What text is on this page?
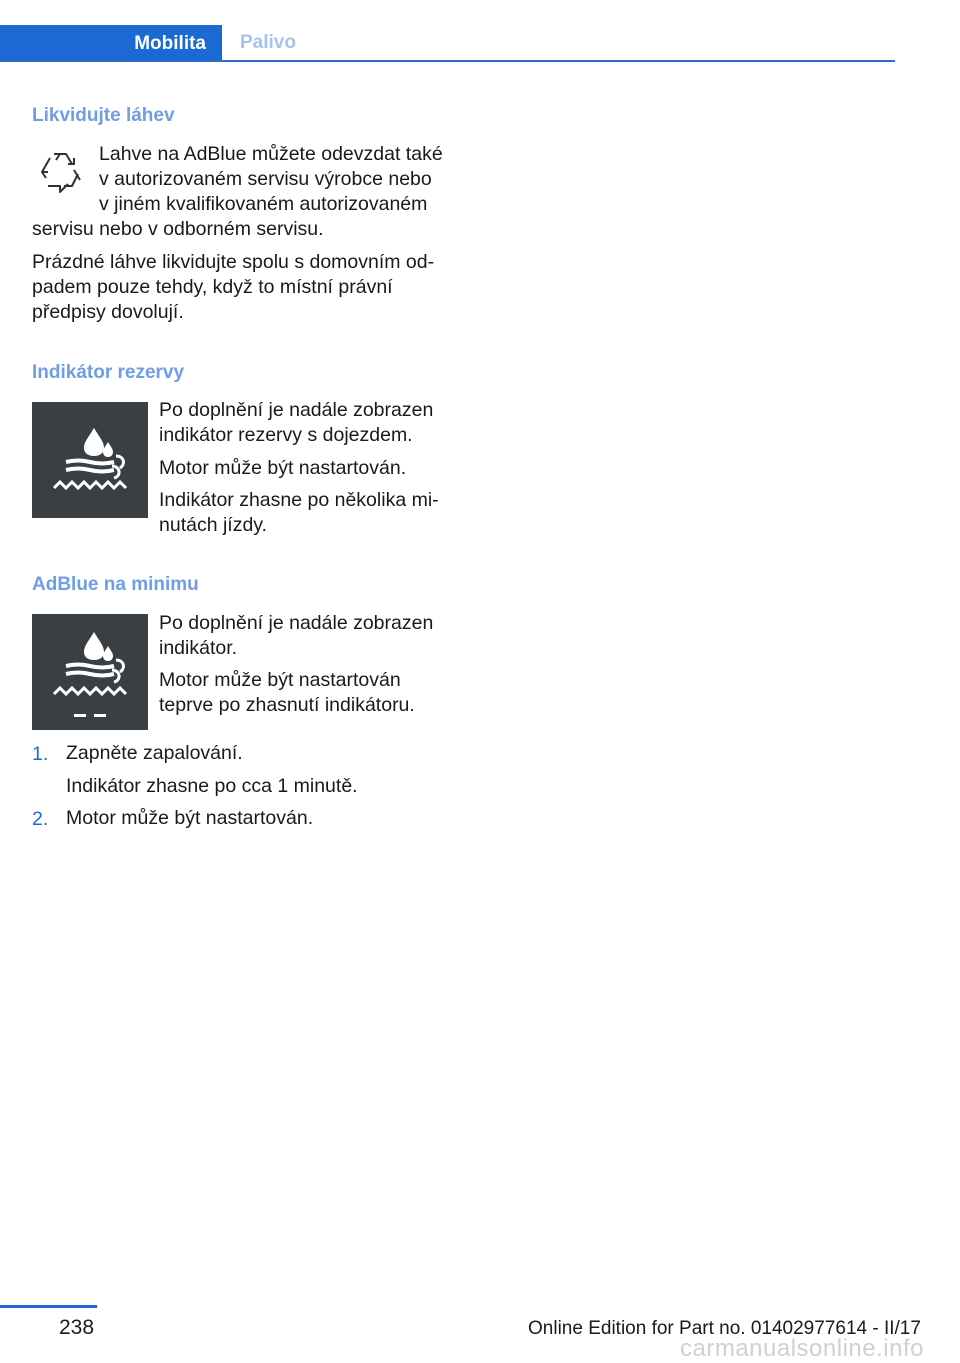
Mobilita Palivo
Likvidujte láhev

Lahve na AdBlue můžete odevzdat také

v autorizovaném servisu výrobce nebo

v jiném kvalifikovaném autorizovaném

servisu nebo v odborném servisu.

Prázdné láhve likvidujte spolu s domovním od‐

padem pouze tehdy, když to místní právní

předpisy dovolují.

Indikátor rezervy

Po doplnění je nadále zobrazen

indikátor rezervy s dojezdem.

Motor může být nastartován.

Indikátor zhasne po několika mi‐

nutách jízdy.

AdBlue na minimu

Po doplnění je nadále zobrazen

indikátor.

Motor může být nastartován

teprve po zhasnutí indikátoru.

1. Zapněte zapalování.

Indikátor zhasne po cca 1 minutě.

2. Motor může být nastartován.

238	Online Edition for Part no. 01402977614 - II/17
carmanualsonline.info
